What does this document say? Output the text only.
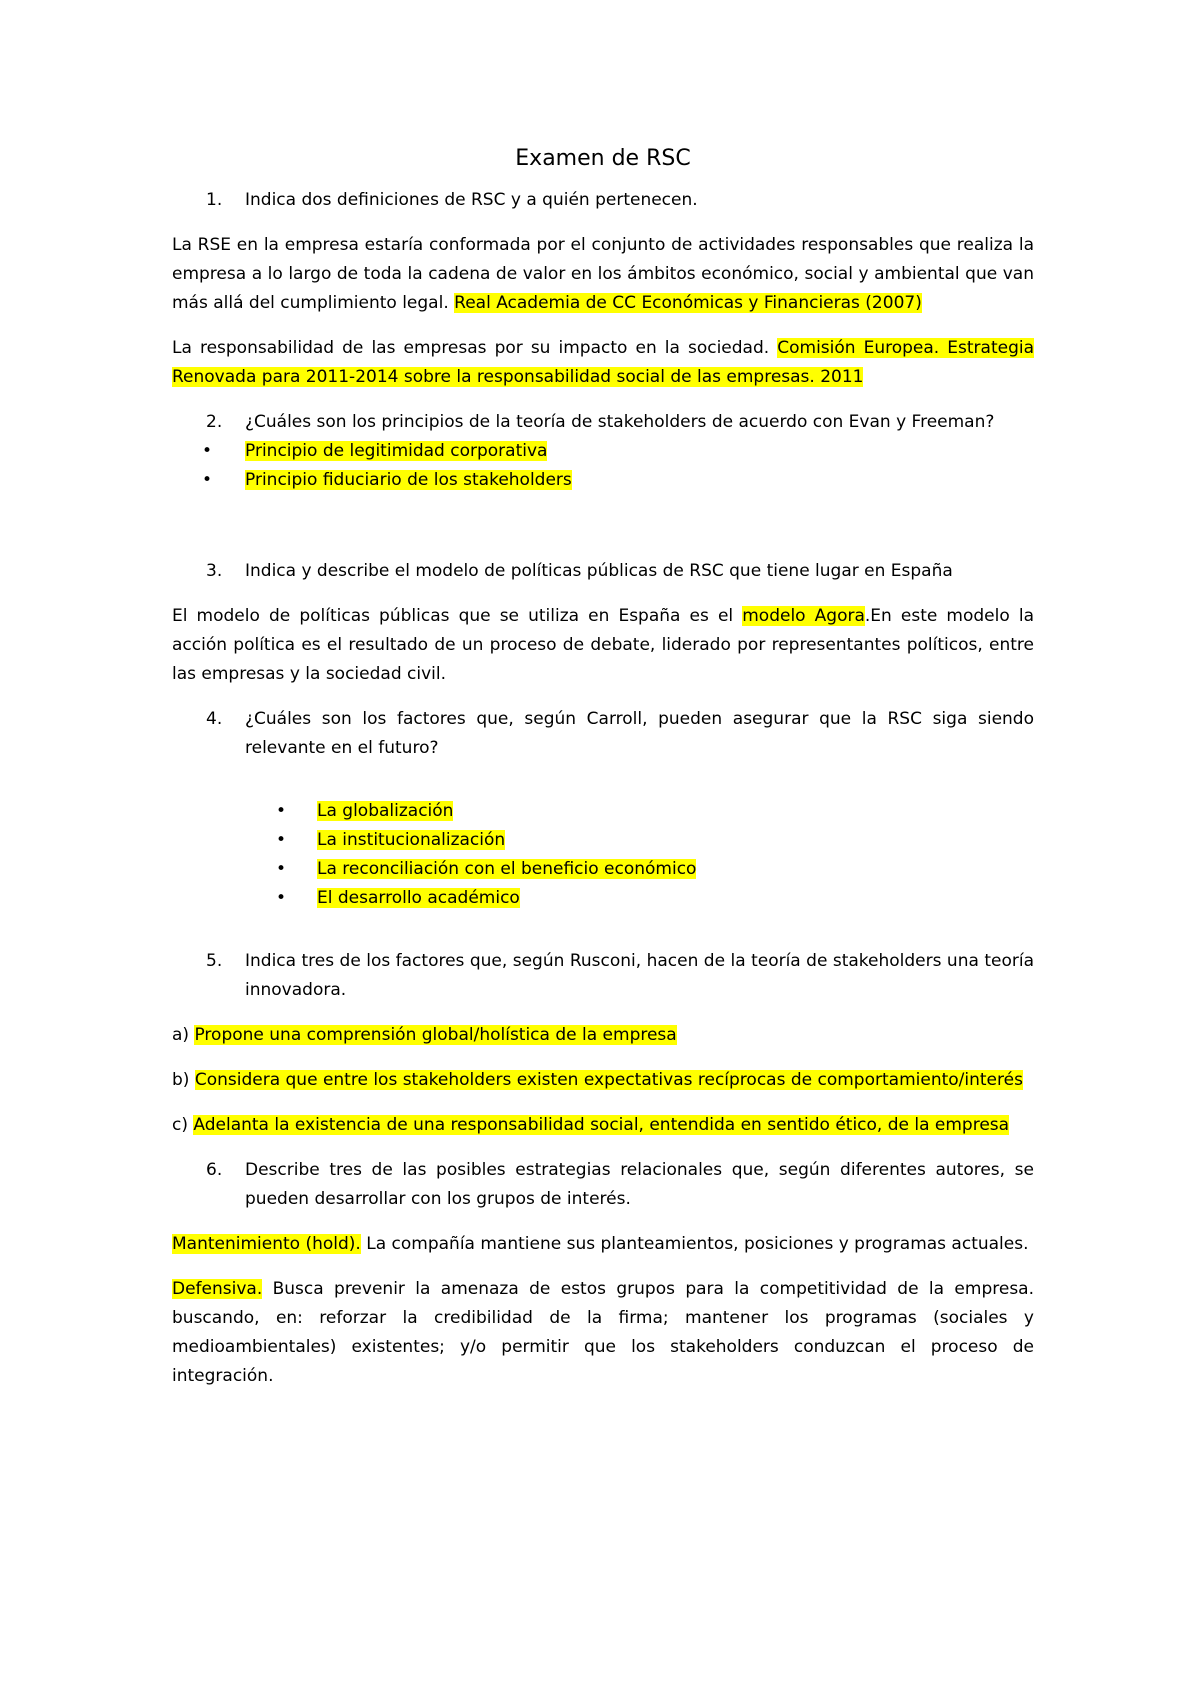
Examen de RSC
1. Indica dos definiciones de RSC y a quién pertenecen.

La RSE en la empresa estaría conformada por el conjunto de actividades responsables que realiza la empresa a lo largo de toda la cadena de valor en los ámbitos económico, social y ambiental que van más allá del cumplimiento legal. Real Academia de CC Económicas y Financieras (2007)

La responsabilidad de las empresas por su impacto en la sociedad. Comisión Europea. Estrategia Renovada para 2011-2014 sobre la responsabilidad social de las empresas. 2011

2. ¿Cuáles son los principios de la teoría de stakeholders de acuerdo con Evan y Freeman?
• Principio de legitimidad corporativa
• Principio fiduciario de los stakeholders
3. Indica y describe el modelo de políticas públicas de RSC que tiene lugar en España

El modelo de políticas públicas que se utiliza en España es el modelo Agora.En este modelo la acción política es el resultado de un proceso de debate, liderado por representantes políticos, entre las empresas y la sociedad civil.

4. ¿Cuáles son los factores que, según Carroll, pueden asegurar que la RSC siga siendo relevante en el futuro?
• La globalización
• La institucionalización
• La reconciliación con el beneficio económico
• El desarrollo académico
5. Indica tres de los factores que, según Rusconi, hacen de la teoría de stakeholders una teoría innovadora.

a) Propone una comprensión global/holística de la empresa

b) Considera que entre los stakeholders existen expectativas recíprocas de comportamiento/interés

c) Adelanta la existencia de una responsabilidad social, entendida en sentido ético, de la empresa

6. Describe tres de las posibles estrategias relacionales que, según diferentes autores, se pueden desarrollar con los grupos de interés.

Mantenimiento (hold). La compañía mantiene sus planteamientos, posiciones y programas actuales.

Defensiva. Busca prevenir la amenaza de estos grupos para la competitividad de la empresa. buscando, en: reforzar la credibilidad de la firma; mantener los programas (sociales y medioambientales) existentes; y/o permitir que los stakeholders conduzcan el proceso de integración.
